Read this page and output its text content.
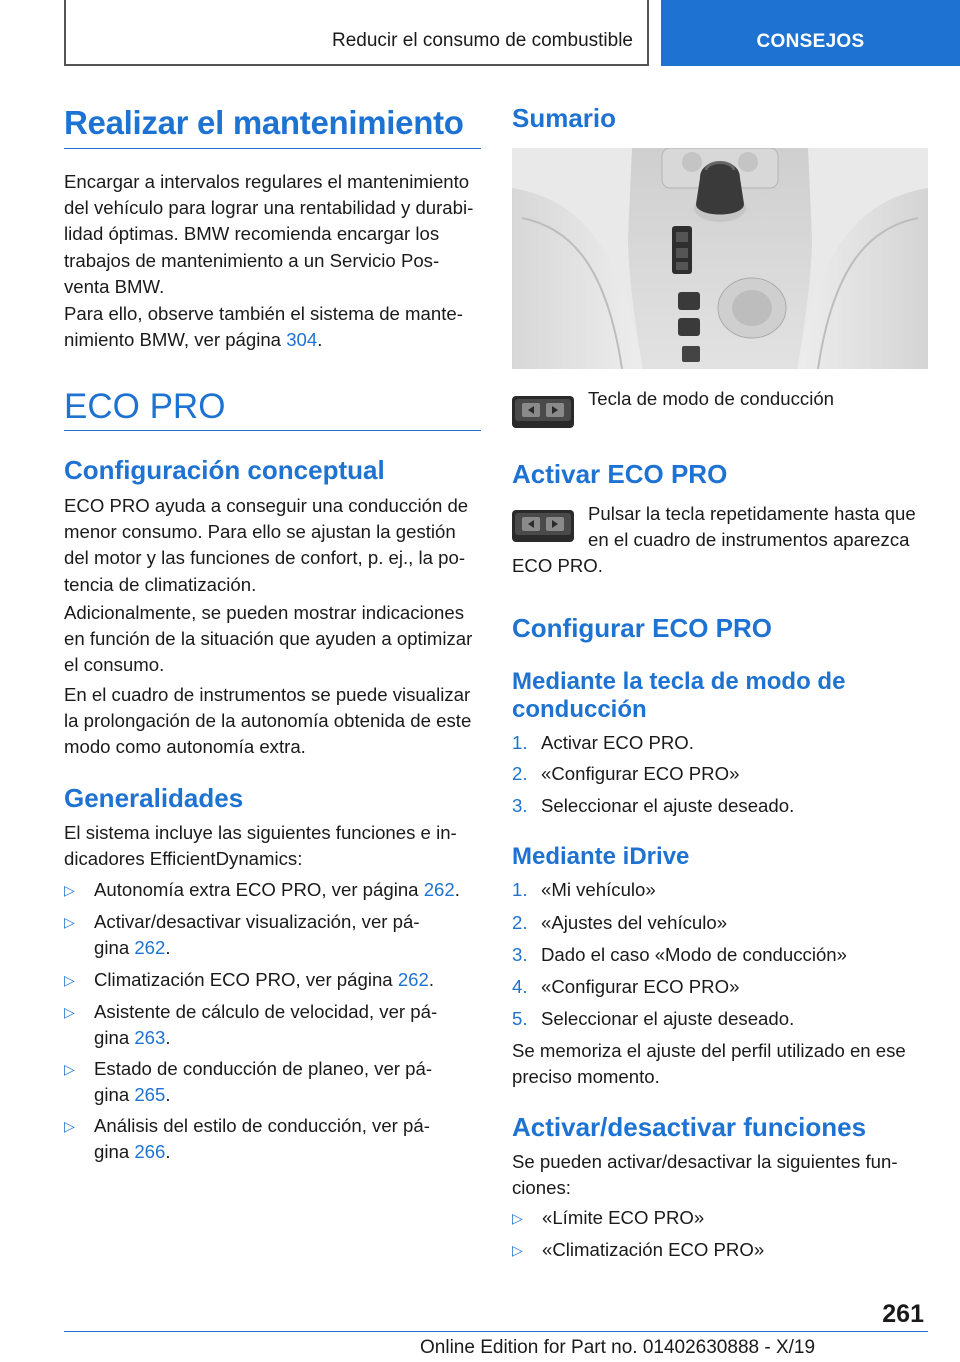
Reducir el consumo de combustible	CONSEJOS
Realizar el mantenimiento
Encargar a intervalos regulares el mantenimiento
del vehículo para lograr una rentabilidad y durabi-
lidad óptimas. BMW recomienda encargar los
trabajos de mantenimiento a un Servicio Pos-
venta BMW.
Para ello, observe también el sistema de mante-
nimiento BMW, ver página 304.
ECO PRO
Configuración conceptual
ECO PRO ayuda a conseguir una conducción de
menor consumo. Para ello se ajustan la gestión
del motor y las funciones de confort, p. ej., la po-
tencia de climatización.
Adicionalmente, se pueden mostrar indicaciones
en función de la situación que ayuden a optimizar
el consumo.
En el cuadro de instrumentos se puede visualizar
la prolongación de la autonomía obtenida de este
modo como autonomía extra.
Generalidades
El sistema incluye las siguientes funciones e in-
dicadores EfficientDynamics:
▷ Autonomía extra ECO PRO, ver página 262.
▷ Activar/desactivar visualización, ver pá-
gina 262.
▷ Climatización ECO PRO, ver página 262.
▷ Asistente de cálculo de velocidad, ver pá-
gina 263.
▷ Estado de conducción de planeo, ver pá-
gina 265.
▷ Análisis del estilo de conducción, ver pá-
gina 266.
Sumario
Tecla de modo de conducción
Activar ECO PRO
Pulsar la tecla repetidamente hasta que
en el cuadro de instrumentos aparezca
ECO PRO.
Configurar ECO PRO
Mediante la tecla de modo de
conducción
1. Activar ECO PRO.
2. «Configurar ECO PRO»
3. Seleccionar el ajuste deseado.
Mediante iDrive
1. «Mi vehículo»
2. «Ajustes del vehículo»
3. Dado el caso «Modo de conducción»
4. «Configurar ECO PRO»
5. Seleccionar el ajuste deseado.
Se memoriza el ajuste del perfil utilizado en ese
preciso momento.
Activar/desactivar funciones
Se pueden activar/desactivar la siguientes fun-
ciones:
▷ «Límite ECO PRO»
▷ «Climatización ECO PRO»
261
Online Edition for Part no. 01402630888 - X/19
